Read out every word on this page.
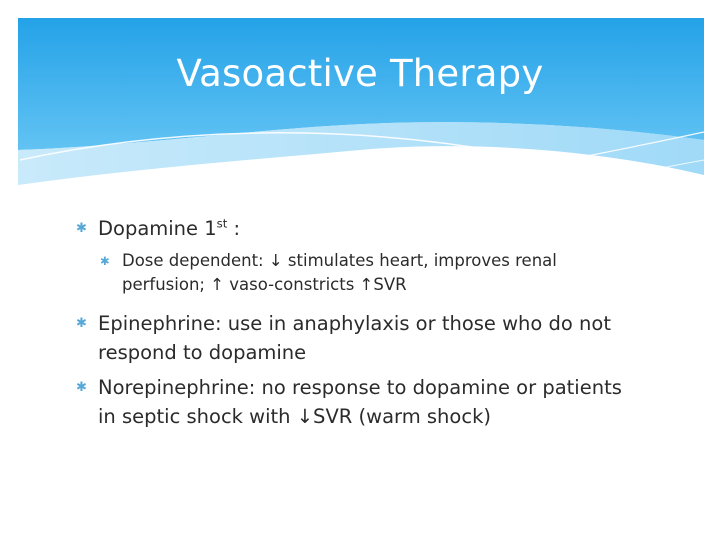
Vasoactive Therapy
✱ Dopamine 1st :
✱ Dose dependent: ↓ stimulates heart, improves renal
perfusion; ↑ vaso-constricts ↑SVR
✱ Epinephrine: use in anaphylaxis or those who do not
respond to dopamine
✱ Norepinephrine: no response to dopamine or patients
in septic shock with ↓SVR (warm shock)
